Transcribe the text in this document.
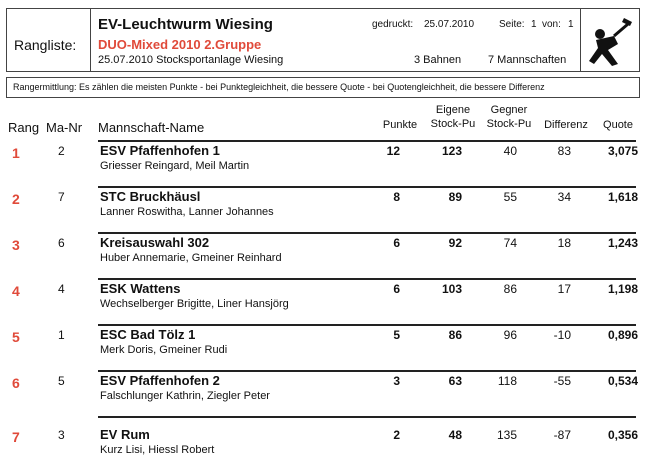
Rangliste:
EV-Leuchtwurm Wiesing
DUO-Mixed 2010 2.Gruppe
25.07.2010 Stocksportanlage Wiesing
gedruckt: 25.07.2010 Seite: 1 von: 1
3 Bahnen 7 Mannschaften
Rangermittlung: Es zählen die meisten Punkte - bei Punktegleichheit, die bessere Quote - bei Quotengleichheit, die bessere Differenz
Rang Ma-Nr Mannschaft-Name	Punkte
Eigene
Stock-Pu
Gegner
Stock-Pu	Differenz	Quote
1	2	ESV Pfaffenhofen 1
Griesser Reingard, Meil Martin
12	123	40	83	3,075
2	7	STC Bruckhäusl
Lanner Roswitha, Lanner Johannes
8	89	55	34	1,618
3	6	Kreisauswahl 302
Huber Annemarie, Gmeiner Reinhard
6	92	74	18	1,243
4	4	ESK Wattens
Wechselberger Brigitte, Liner Hansjörg
6	103	86	17	1,198
5	1	ESC Bad Tölz 1
Merk Doris, Gmeiner Rudi
5	86	96	-10	0,896
6	5	ESV Pfaffenhofen 2
Falschlunger Kathrin, Ziegler Peter
3	63	118	-55	0,534
7	3	EV Rum
Kurz Lisi, Hiessl Robert
2	48	135	-87	0,356
